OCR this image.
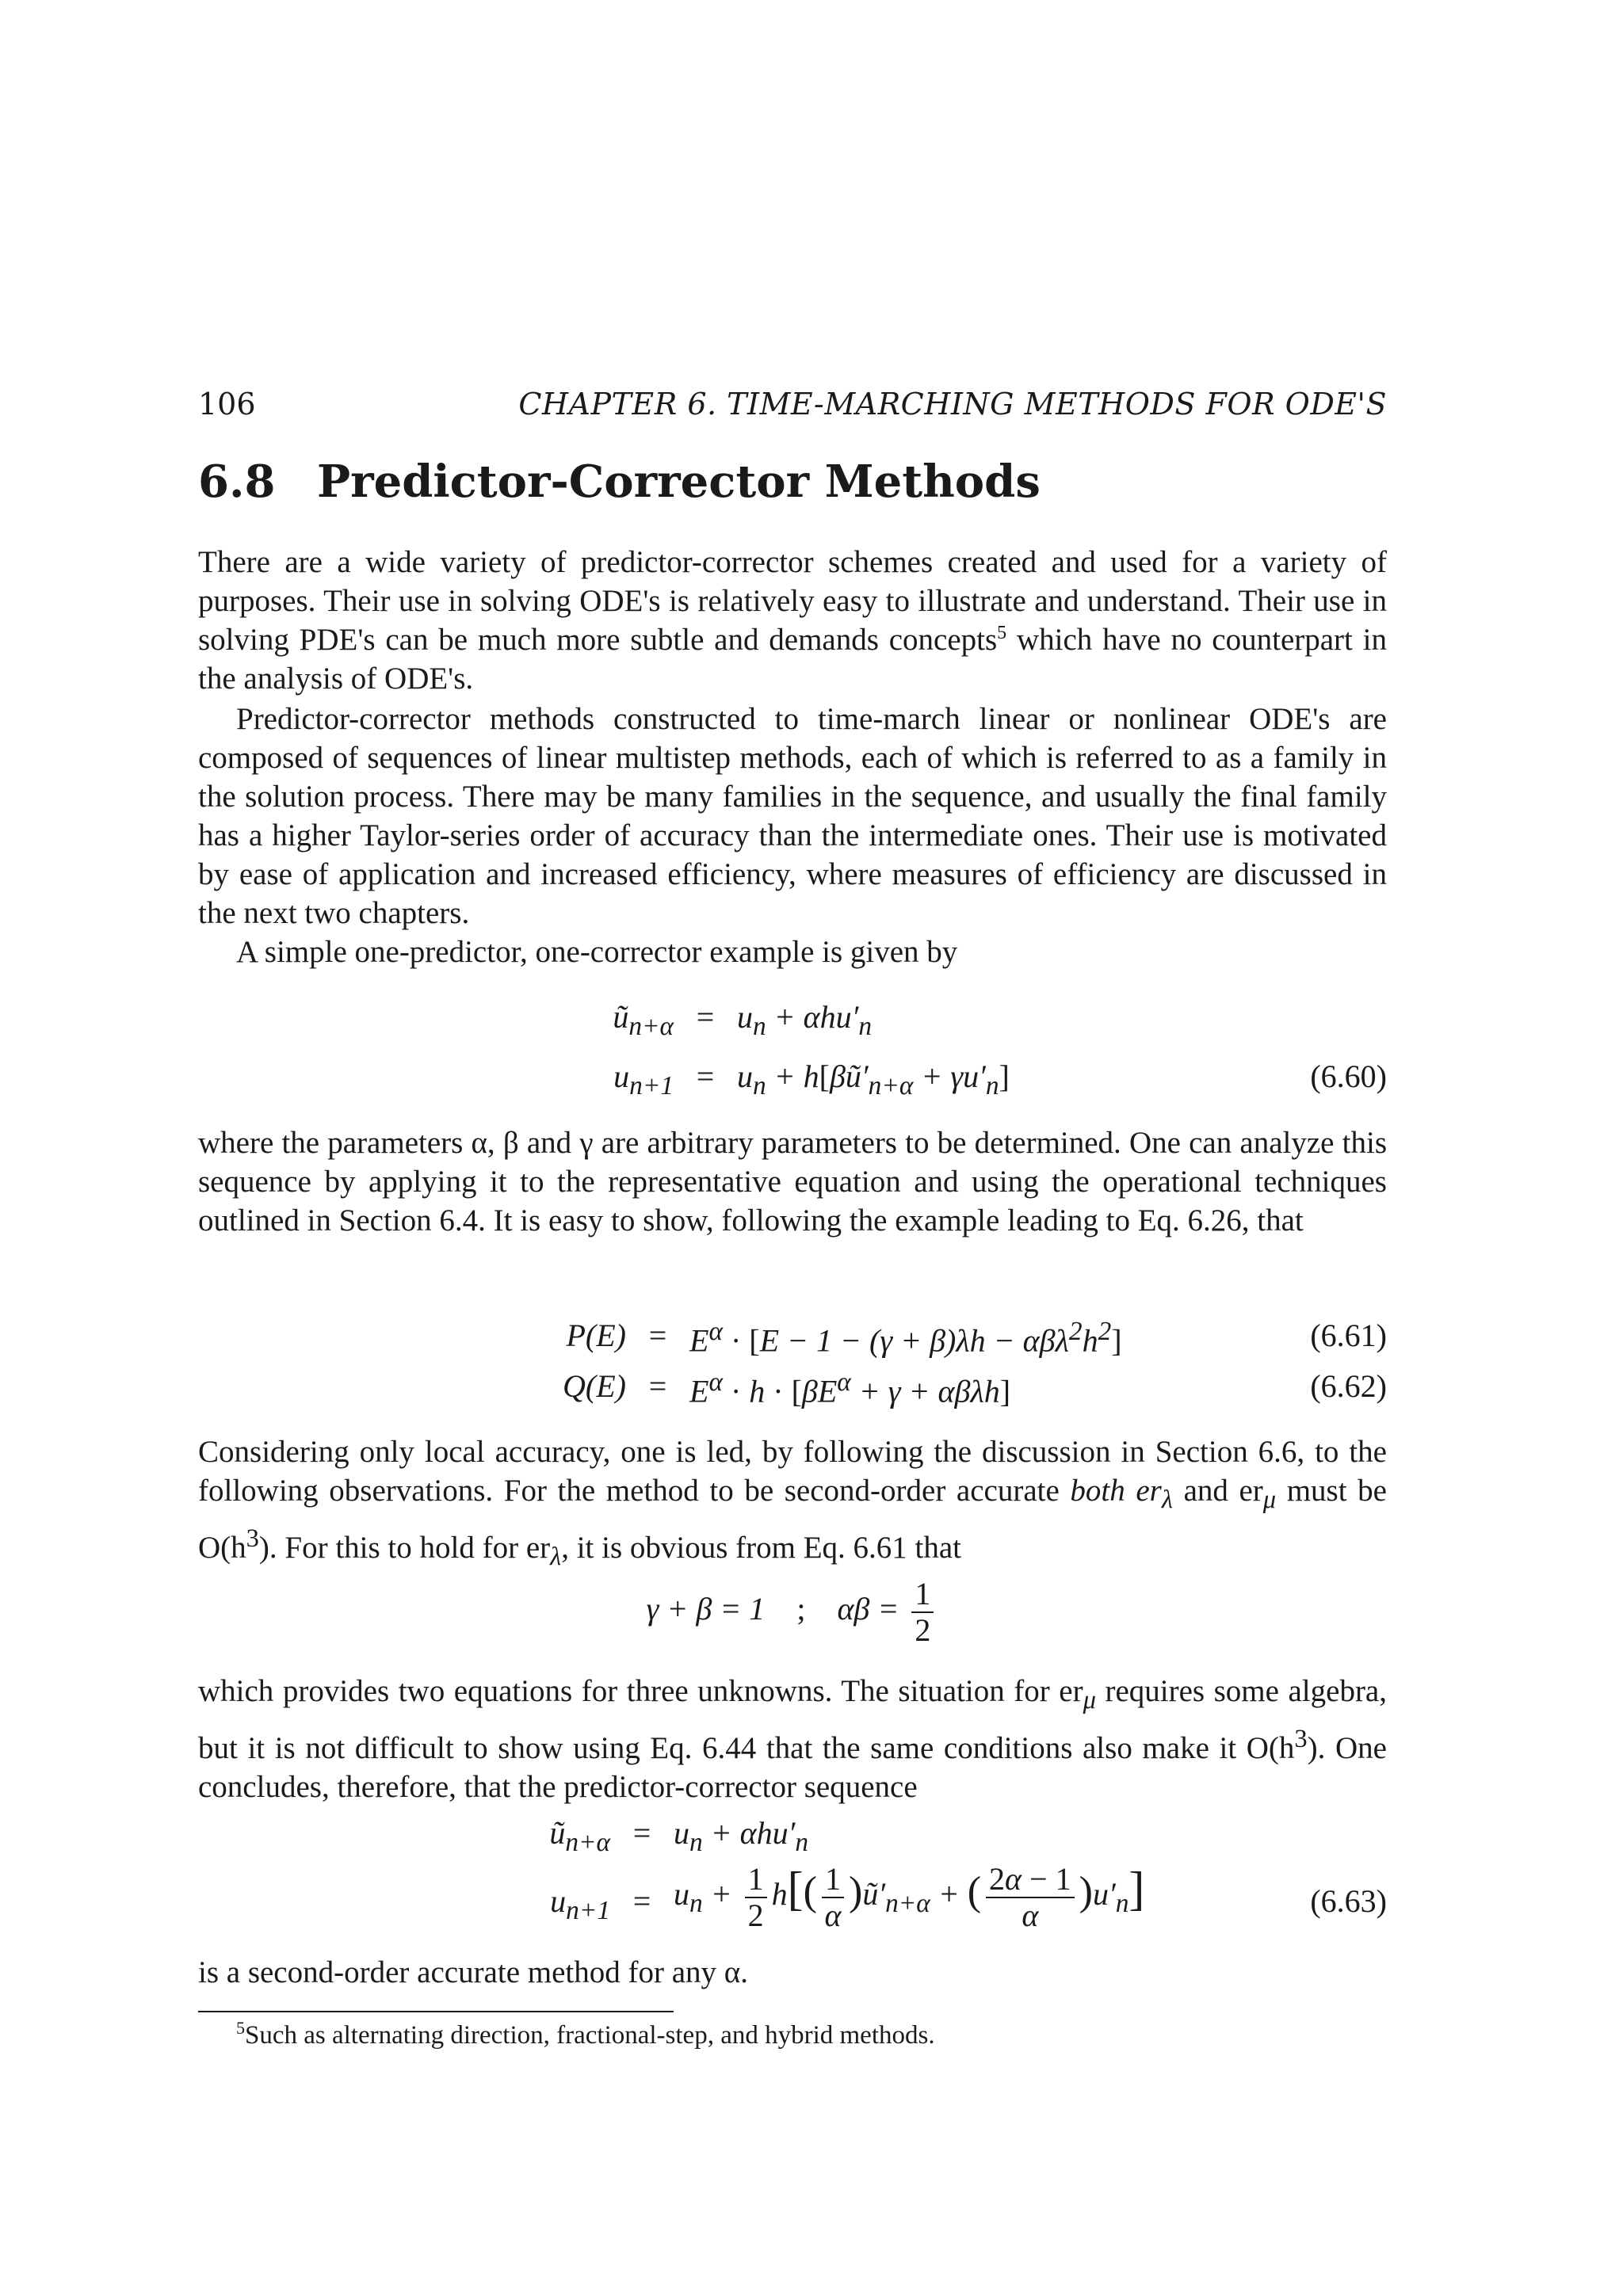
106	CHAPTER 6. TIME-MARCHING METHODS FOR ODE'S
6.8 Predictor-Corrector Methods

There are a wide variety of predictor-corrector schemes created and used for a variety of purposes. Their use in solving ODE's is relatively easy to illustrate and understand. Their use in solving PDE's can be much more subtle and demands concepts$^5$ which have no counterpart in the analysis of ODE's.

Predictor-corrector methods constructed to time-march linear or nonlinear ODE's are composed of sequences of linear multistep methods, each of which is referred to as a family in the solution process. There may be many families in the sequence, and usually the final family has a higher Taylor-series order of accuracy than the intermediate ones. Their use is motivated by ease of application and increased efficiency, where measures of efficiency are discussed in the next two chapters.

A simple one-predictor, one-corrector example is given by

$ũ_{n+\alpha} = u_n + \alpha hu'_n$
$u_{n+1} = u_n$ + $h[\beta ũ'_{n+\alpha} + \gamma u'_n]$	(6.60)

where the parameters α, β and γ are arbitrary parameters to be determined. One can analyze this sequence by applying it to the representative equation and using the operational techniques outlined in Section 6.4. It is easy to show, following the example leading to Eq. 6.26, that

$P(E) = E^\alpha \cdot [E - 1 - (\gamma + \beta)\lambda h - \alpha\beta\lambda^2h^2]$	(6.61)
$Q(E) = E^\alpha \cdot h \cdot [\beta E^\alpha + \gamma + \alpha\beta\lambda h]$	(6.62)

Considering only local accuracy, one is led, by following the discussion in Section 6.6, to the following observations. For the method to be second-order accurate both $er_\lambda$ and $er_\mu$ must be $O(h^3)$. For this to hold for $er_\lambda$, it is obvious from Eq. 6.61 that

γ + β = 1    ;    $\alpha\beta = \frac{1}{2}$

which provides two equations for three unknowns. The situation for $er_\mu$ requires some algebra, but it is not difficult to show using Eq. 6.44 that the same conditions also make it $O(h^3)$. One concludes, therefore, that the predictor-corrector sequence

$ũ_{n+\alpha} = u_n + \alpha hu'_n$
$u_{n+1} = u_n + \frac{1}{2} h[( \frac{1}{\alpha}$ )$ũ'_{n+\alpha}$ + ( $\frac{2\alpha - 1}{\alpha} )u'_n$]	(6.63)

is a second-order accurate method for any α.

$^5$Such as alternating direction, fractional-step, and hybrid methods.
